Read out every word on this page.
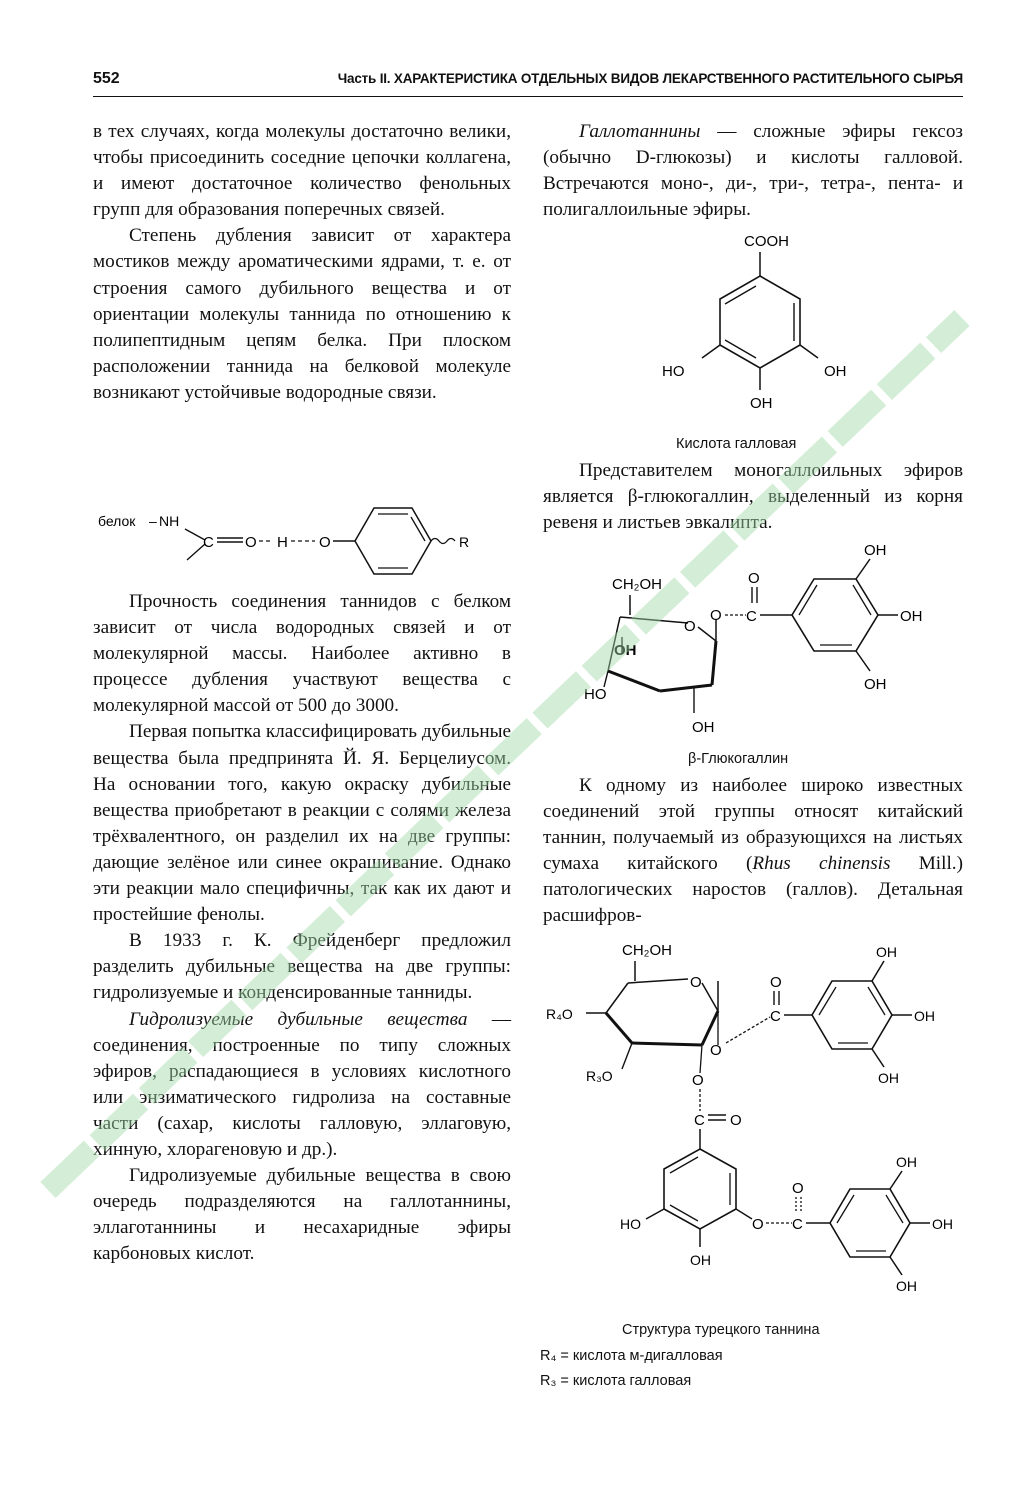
552	Часть II. ХАРАКТЕРИСТИКА ОТДЕЛЬНЫХ ВИДОВ ЛЕКАРСТВЕННОГО РАСТИТЕЛЬНОГО СЫРЬЯ

в тех случаях, когда молекулы достаточно велики, чтобы присоединить соседние цепочки коллагена, и имеют достаточное количество фенольных групп для образования поперечных связей.

Степень дубления зависит от характера мостиков между ароматическими ядрами, т. е. от строения самого дубильного вещества и от ориентации молекулы таннида по отношению к полипептидным цепям белка. При плоском расположении таннида на белковой молекуле возникают устойчивые водородные связи.

белок – NH
C O H O	R

Прочность соединения таннидов с белком зависит от числа водородных связей и от молекулярной массы. Наиболее активно в процессе дубления участвуют вещества с молекулярной массой от 500 до 3000.

Первая попытка классифицировать дубильные вещества была предпринята Й. Я. Берцелиусом. На основании того, какую окраску дубильные вещества приобретают в реакции с солями железа трёхвалентного, он разделил их на две группы: дающие зелёное или синее окрашивание. Однако эти реакции мало специфичны, так как их дают и простейшие фенолы.

В 1933 г. К. Фрейденберг предложил разделить дубильные вещества на две группы: гидролизуемые и конденсированные танниды.

Гидролизуемые дубильные вещества — соединения, построенные по типу сложных эфиров, распадающиеся в условиях кислотного или энзиматического гидролиза на составные части (сахар, кислоты галловую, эллаговую, хинную, хлорагеновую и др.).

Гидролизуемые дубильные вещества в свою очередь подразделяются на галлотаннины, эллаготаннины и несахаридные эфиры карбоновых кислот.

Галлотаннины — сложные эфиры гексоз (обычно D-глюкозы) и кислоты галловой. Встречаются моно-, ди-, три-, тетра-, пента- и полигаллоильные эфиры.

COOH
HO	OH
OH
Кислота галловая

Представителем моногаллоильных эфиров является β-глюкогаллин, выделенный из корня ревеня и листьев эвкалипта.

CH₂OH
O
O C
O
OH
OH
OH
OH
HO
OH
β-Глюкогаллин

К одному из наиболее широко известных соединений этой группы относят китайский таннин, получаемый из образующихся на листьях сумаха китайского (Rhus chinensis Mill.) патологических наростов (галлов). Детальная расшифров-

CH₂OH
O
R₄O
R₃O
O
C
O
OH
OH
OH
O
C O
HO
OH
O C
O
OH
OH
OH
Структура турецкого таннина
R₄ = кислота м-дигалловая
R₃ = кислота галловая
